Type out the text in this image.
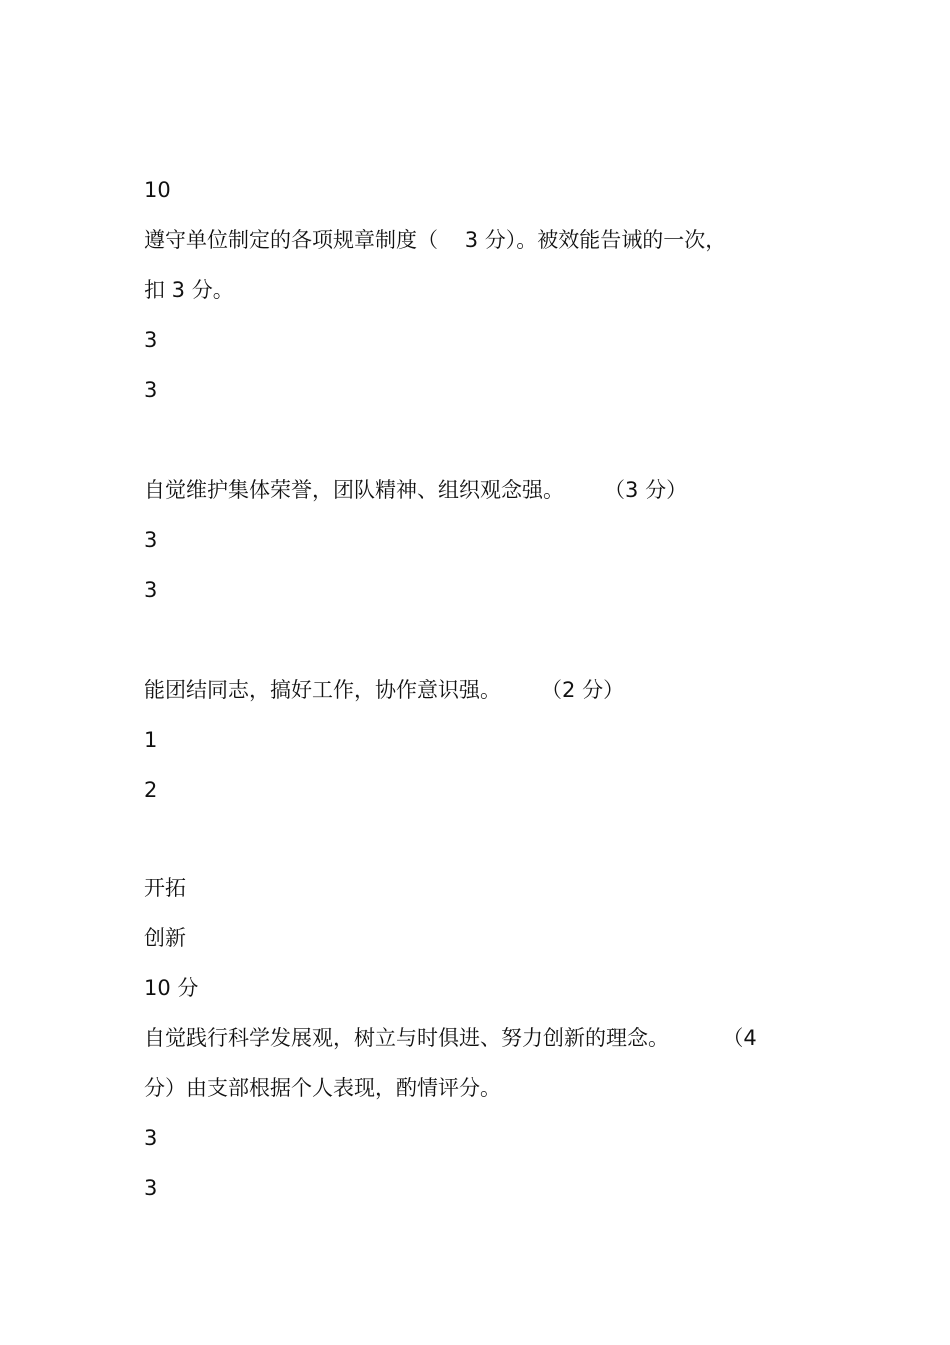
10

遵守单位制定的各项规章制度（    3 分）。被效能告诫的一次，

扣 3 分。

3

3

自觉维护集体荣誉，团队精神、组织观念强。      （3 分）

3

3

能团结同志，搞好工作，协作意识强。      （2 分）

1

2

开拓

创新

10 分

自觉践行科学发展观，树立与时俱进、努力创新的理念。        （4

分）由支部根据个人表现，酌情评分。

3

3
